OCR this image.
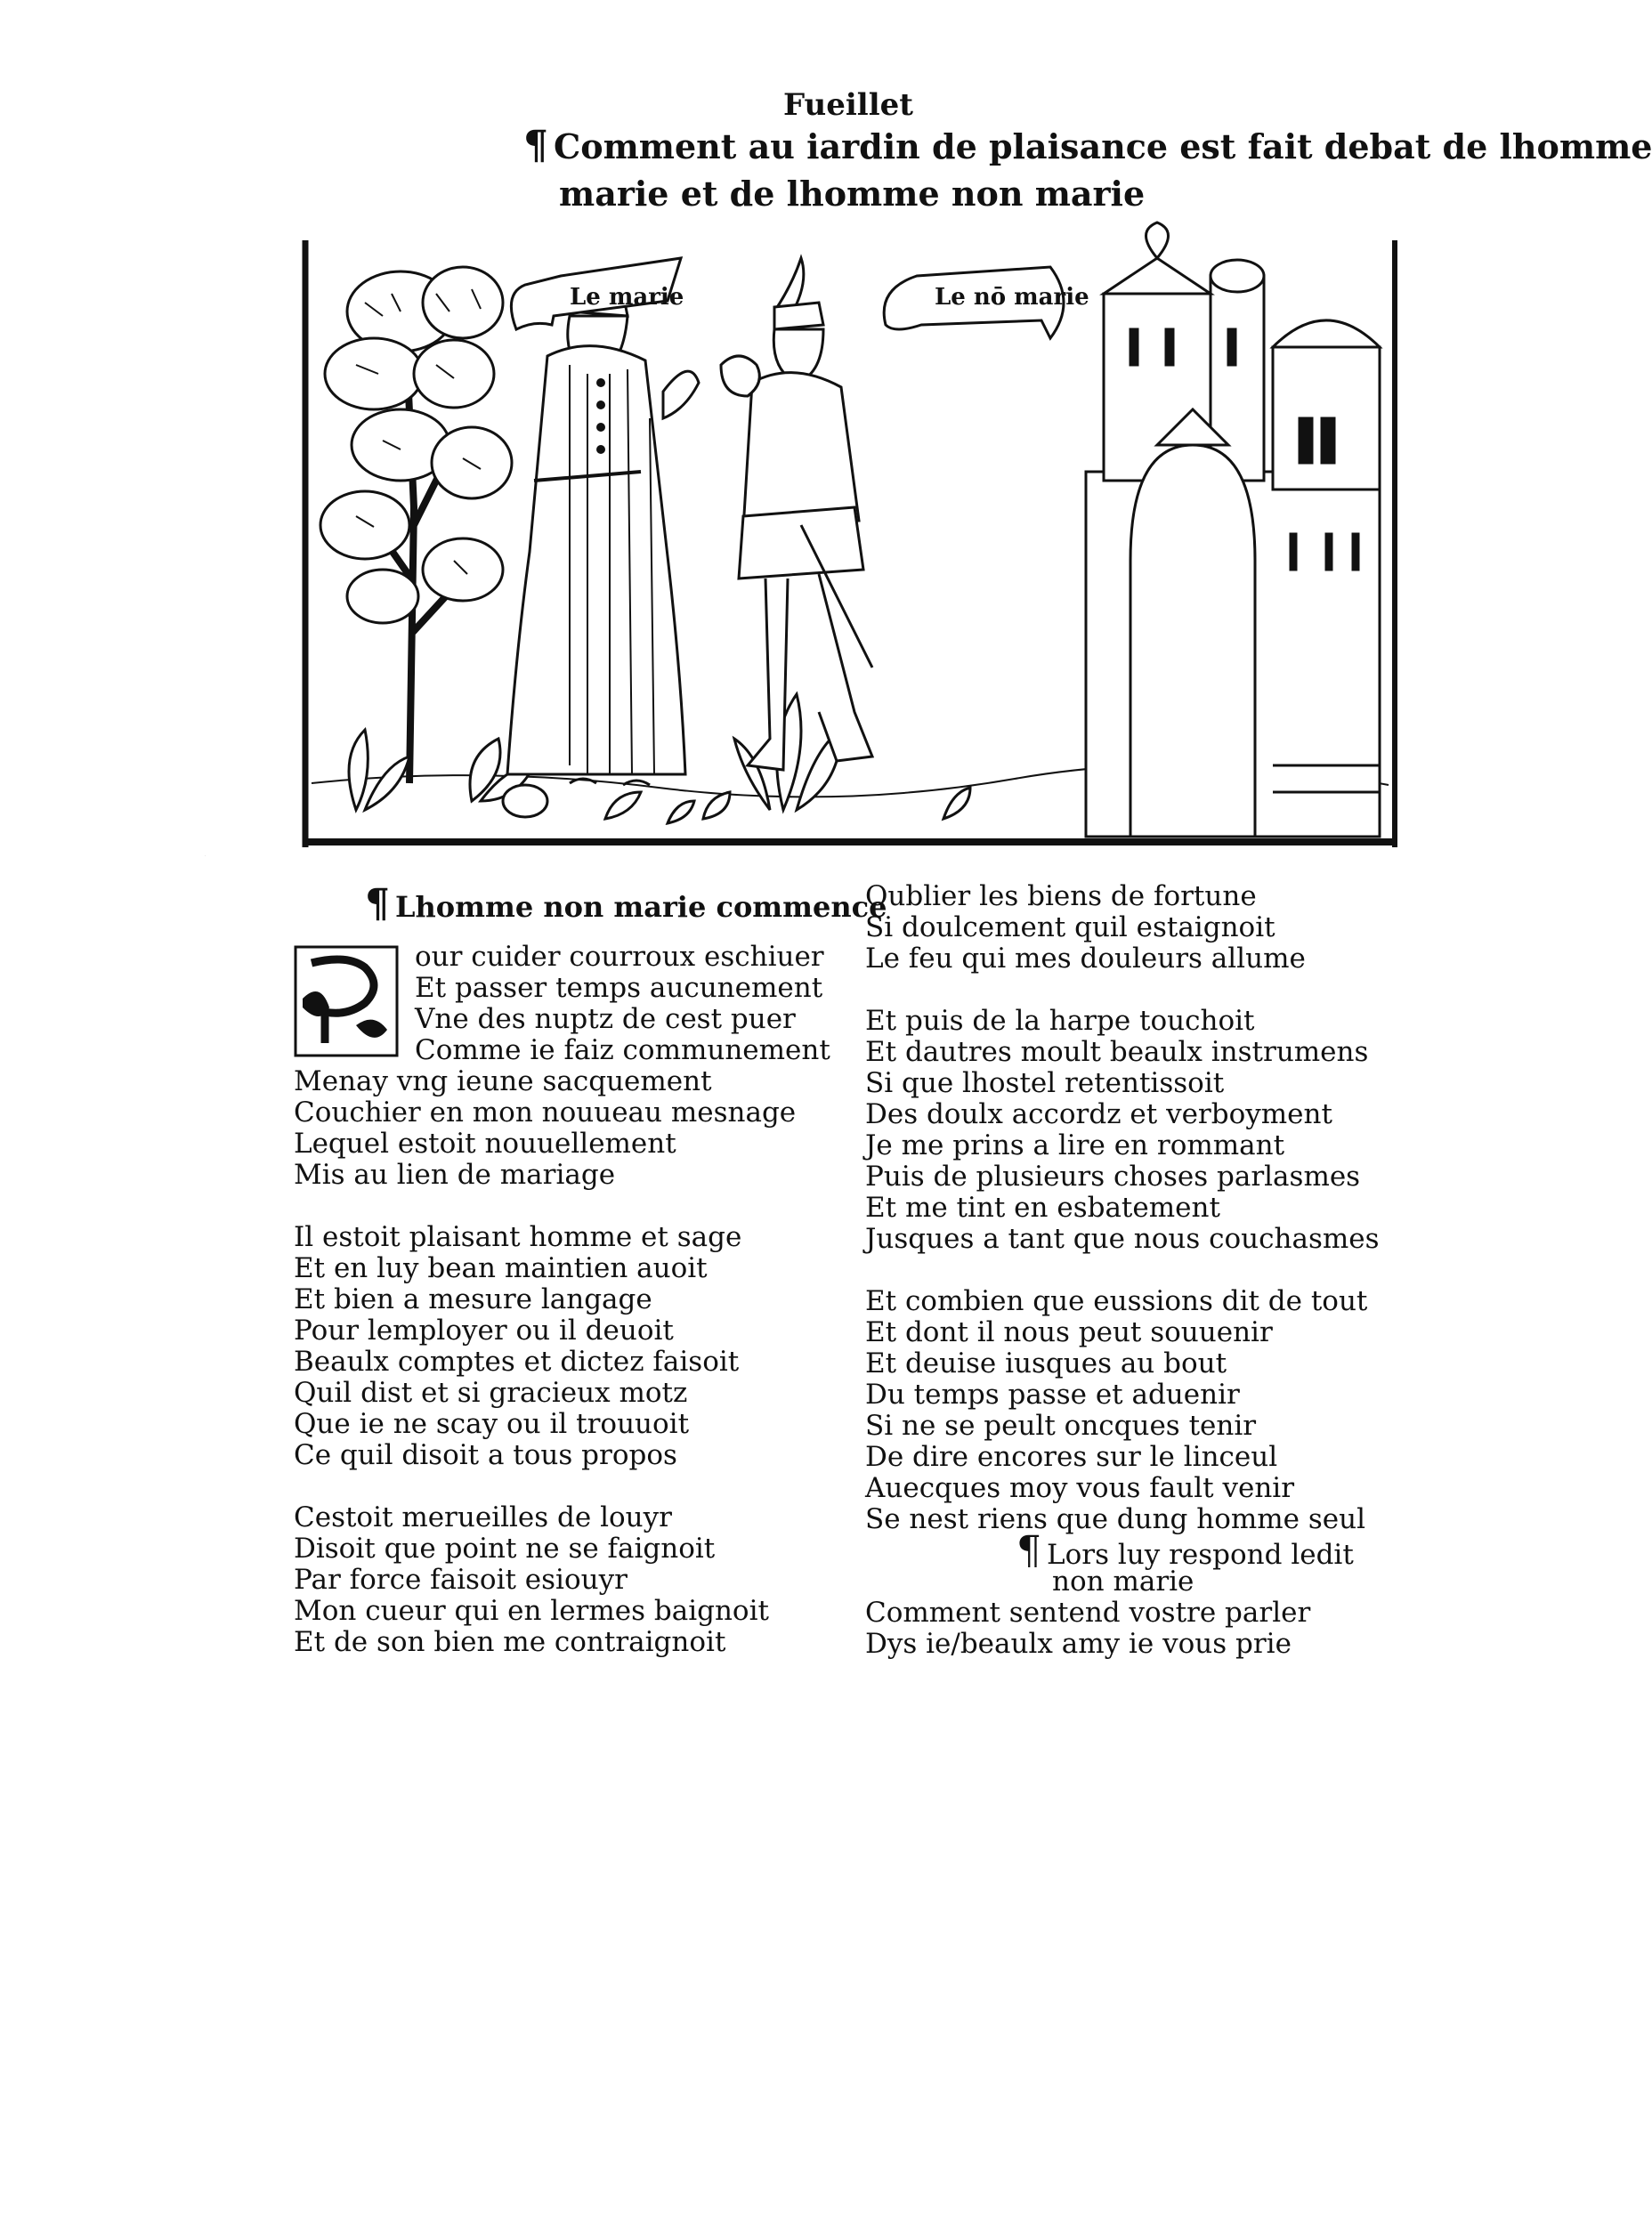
Fueillet
¶ Comment au iardin de plaisance est fait debat de lhomme
marie et de lhomme non marie
Le marie	Le nō marie
¶ Lhomme non marie commence
P
our cuider courroux eschiuer
Et passer temps aucunement
Vne des nuptz de cest puer
Comme ie faiz communement
Menay vng ieune sacquement
Couchier en mon nouueau mesnage
Lequel estoit nouuellement
Mis au lien de mariage
Il estoit plaisant homme et sage
Et en luy bean maintien auoit
Et bien a mesure langage
Pour lemployer ou il deuoit
Beaulx comptes et dictez faisoit
Quil dist et si gracieux motz
Que ie ne scay ou il trouuoit
Ce quil disoit a tous propos
Cestoit merueilles de louyr
Disoit que point ne se faignoit
Par force faisoit esiouyr
Mon cueur qui en lermes baignoit
Et de son bien me contraignoit
Oublier les biens de fortune
Si doulcement quil estaignoit
Le feu qui mes douleurs allume
Et puis de la harpe touchoit
Et dautres moult beaulx instrumens
Si que lhostel retentissoit
Des doulx accordz et verboyment
Je me prins a lire en rommant
Puis de plusieurs choses parlasmes
Et me tint en esbatement
Jusques a tant que nous couchasmes
Et combien que eussions dit de tout
Et dont il nous peut souuenir
Et deuise iusques au bout
Du temps passe et aduenir
Si ne se peult oncques tenir
De dire encores sur le linceul
Auecques moy vous fault venir
Se nest riens que dung homme seul
¶ Lors luy respond ledit
non marie
Comment sentend vostre parler
Dys ie/beaulx amy ie vous prie
